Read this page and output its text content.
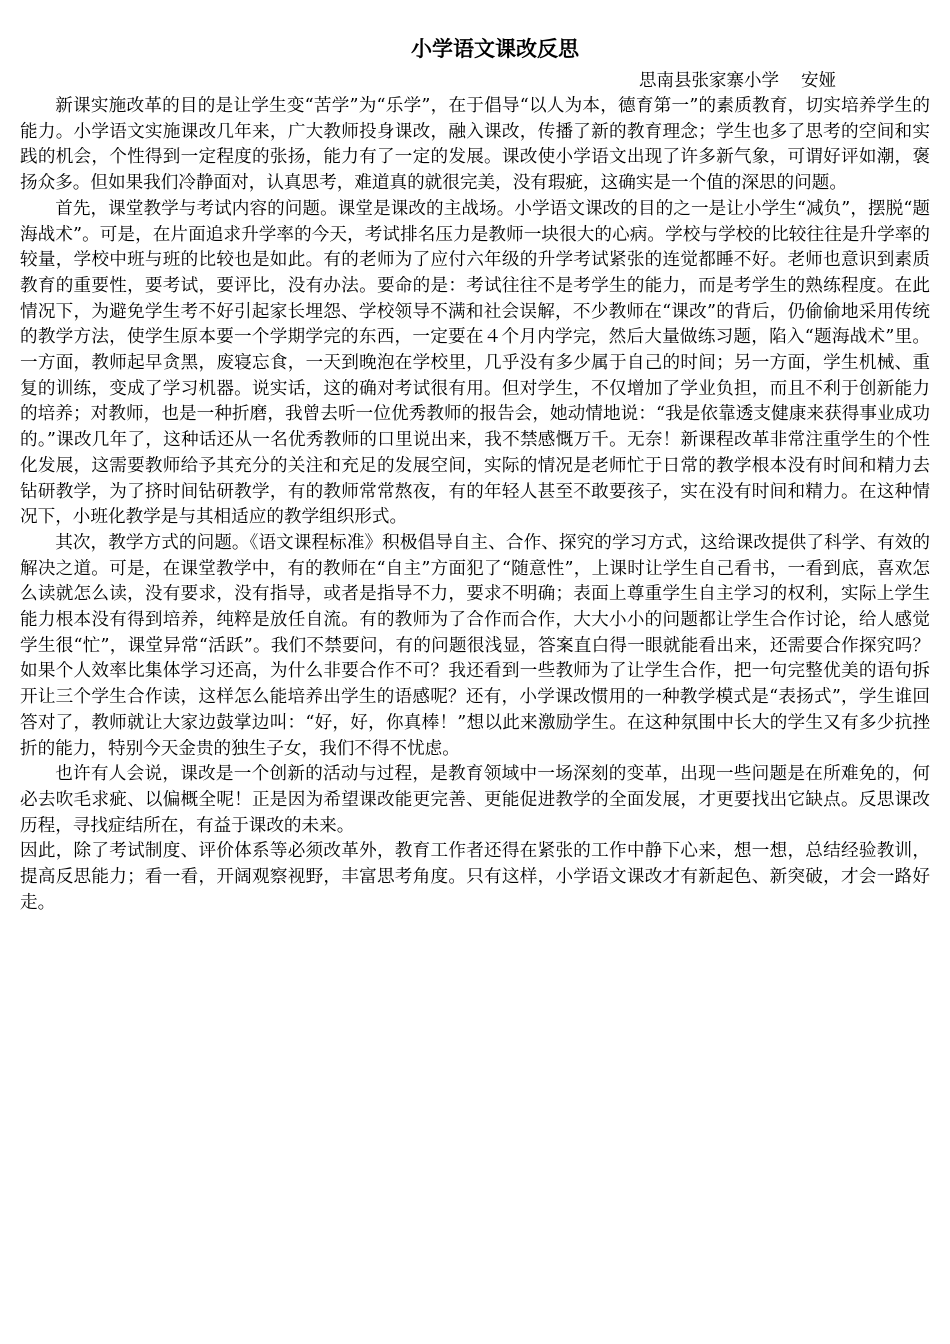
小学语文课改反思

思南县张家寨小学 安娅

新课实施改革的目的是让学生变“苦学”为“乐学”，在于倡导“以人为本，德育第一”的素质教育，切实培养学生的能力。小学语文实施课改几年来，广大教师投身课改，融入课改，传播了新的教育理念；学生也多了思考的空间和实践的机会，个性得到一定程度的张扬，能力有了一定的发展。课改使小学语文出现了许多新气象，可谓好评如潮，褒扬众多。但如果我们冷静面对，认真思考，难道真的就很完美，没有瑕疵，这确实是一个值的深思的问题。

首先，课堂教学与考试内容的问题。课堂是课改的主战场。小学语文课改的目的之一是让小学生“减负”，摆脱“题海战术”。可是，在片面追求升学率的今天，考试排名压力是教师一块很大的心病。学校与学校的比较往往是升学率的较量，学校中班与班的比较也是如此。有的老师为了应付六年级的升学考试紧张的连觉都睡不好。老师也意识到素质教育的重要性，要考试，要评比，没有办法。要命的是：考试往往不是考学生的能力，而是考学生的熟练程度。在此情况下，为避免学生考不好引起家长埋怨、学校领导不满和社会误解，不少教师在“课改”的背后，仍偷偷地采用传统的教学方法，使学生原本要一个学期学完的东西，一定要在４个月内学完，然后大量做练习题，陷入“题海战术”里。一方面，教师起早贪黑，废寝忘食，一天到晚泡在学校里，几乎没有多少属于自己的时间；另一方面，学生机械、重复的训练，变成了学习机器。说实话，这的确对考试很有用。但对学生，不仅增加了学业负担，而且不利于创新能力的培养；对教师，也是一种折磨，我曾去听一位优秀教师的报告会，她动情地说：“我是依靠透支健康来获得事业成功的。”课改几年了，这种话还从一名优秀教师的口里说出来，我不禁感慨万千。无奈！新课程改革非常注重学生的个性化发展，这需要教师给予其充分的关注和充足的发展空间，实际的情况是老师忙于日常的教学根本没有时间和精力去钻研教学，为了挤时间钻研教学，有的教师常常熬夜，有的年轻人甚至不敢要孩子，实在没有时间和精力。在这种情况下，小班化教学是与其相适应的教学组织形式。

其次，教学方式的问题。《语文课程标准》积极倡导自主、合作、探究的学习方式，这给课改提供了科学、有效的解决之道。可是，在课堂教学中，有的教师在“自主”方面犯了“随意性”，上课时让学生自己看书，一看到底，喜欢怎么读就怎么读，没有要求，没有指导，或者是指导不力，要求不明确；表面上尊重学生自主学习的权利，实际上学生能力根本没有得到培养，纯粹是放任自流。有的教师为了合作而合作，大大小小的问题都让学生合作讨论，给人感觉学生很“忙”，课堂异常“活跃”。我们不禁要问，有的问题很浅显，答案直白得一眼就能看出来，还需要合作探究吗？如果个人效率比集体学习还高，为什么非要合作不可？我还看到一些教师为了让学生合作，把一句完整优美的语句拆开让三个学生合作读，这样怎么能培养出学生的语感呢？还有，小学课改惯用的一种教学模式是“表扬式”，学生谁回答对了，教师就让大家边鼓掌边叫：“好，好，你真棒！”想以此来激励学生。在这种氛围中长大的学生又有多少抗挫折的能力，特别今天金贵的独生子女，我们不得不忧虑。

也许有人会说，课改是一个创新的活动与过程，是教育领域中一场深刻的变革，出现一些问题是在所难免的，何必去吹毛求疵、以偏概全呢！正是因为希望课改能更完善、更能促进教学的全面发展，才更要找出它缺点。反思课改历程，寻找症结所在，有益于课改的未来。

因此，除了考试制度、评价体系等必须改革外，教育工作者还得在紧张的工作中静下心来，想一想，总结经验教训，提高反思能力；看一看，开阔观察视野，丰富思考角度。只有这样，小学语文课改才有新起色、新突破，才会一路好走。
